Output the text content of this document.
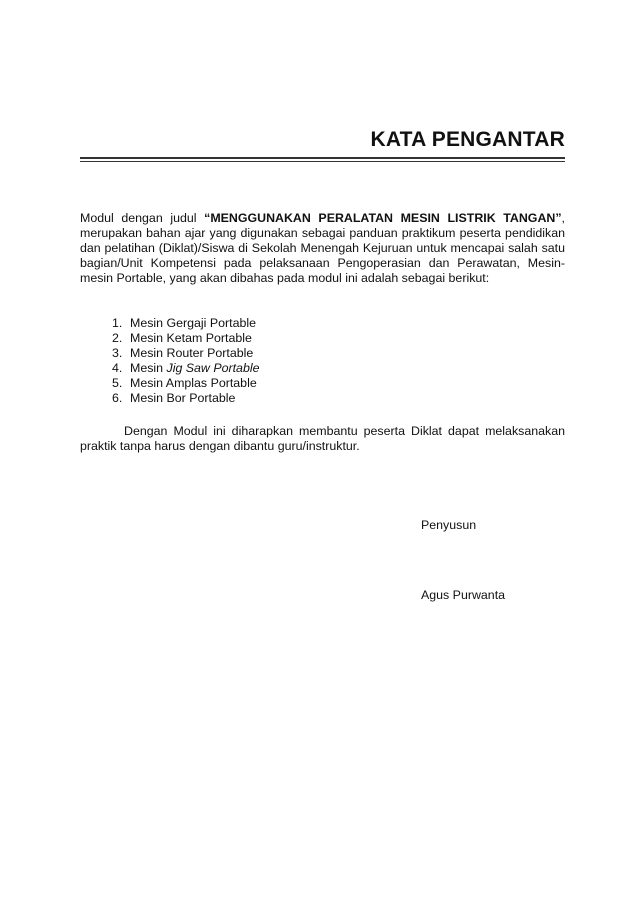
KATA PENGANTAR

Modul dengan judul “MENGGUNAKAN PERALATAN MESIN LISTRIK TANGAN”, merupakan bahan ajar yang digunakan sebagai panduan praktikum peserta pendidikan dan pelatihan (Diklat)/Siswa di Sekolah Menengah Kejuruan untuk mencapai salah satu bagian/Unit Kompetensi pada pelaksanaan Pengoperasian dan Perawatan, Mesin-mesin Portable, yang akan dibahas pada modul ini adalah sebagai berikut:

1. Mesin Gergaji Portable
2. Mesin Ketam Portable
3. Mesin Router Portable
4. Mesin Jig Saw Portable
5. Mesin Amplas Portable
6. Mesin Bor Portable

Dengan Modul ini diharapkan membantu peserta Diklat dapat melaksanakan praktik tanpa harus dengan dibantu guru/instruktur.

Penyusun
Agus Purwanta
